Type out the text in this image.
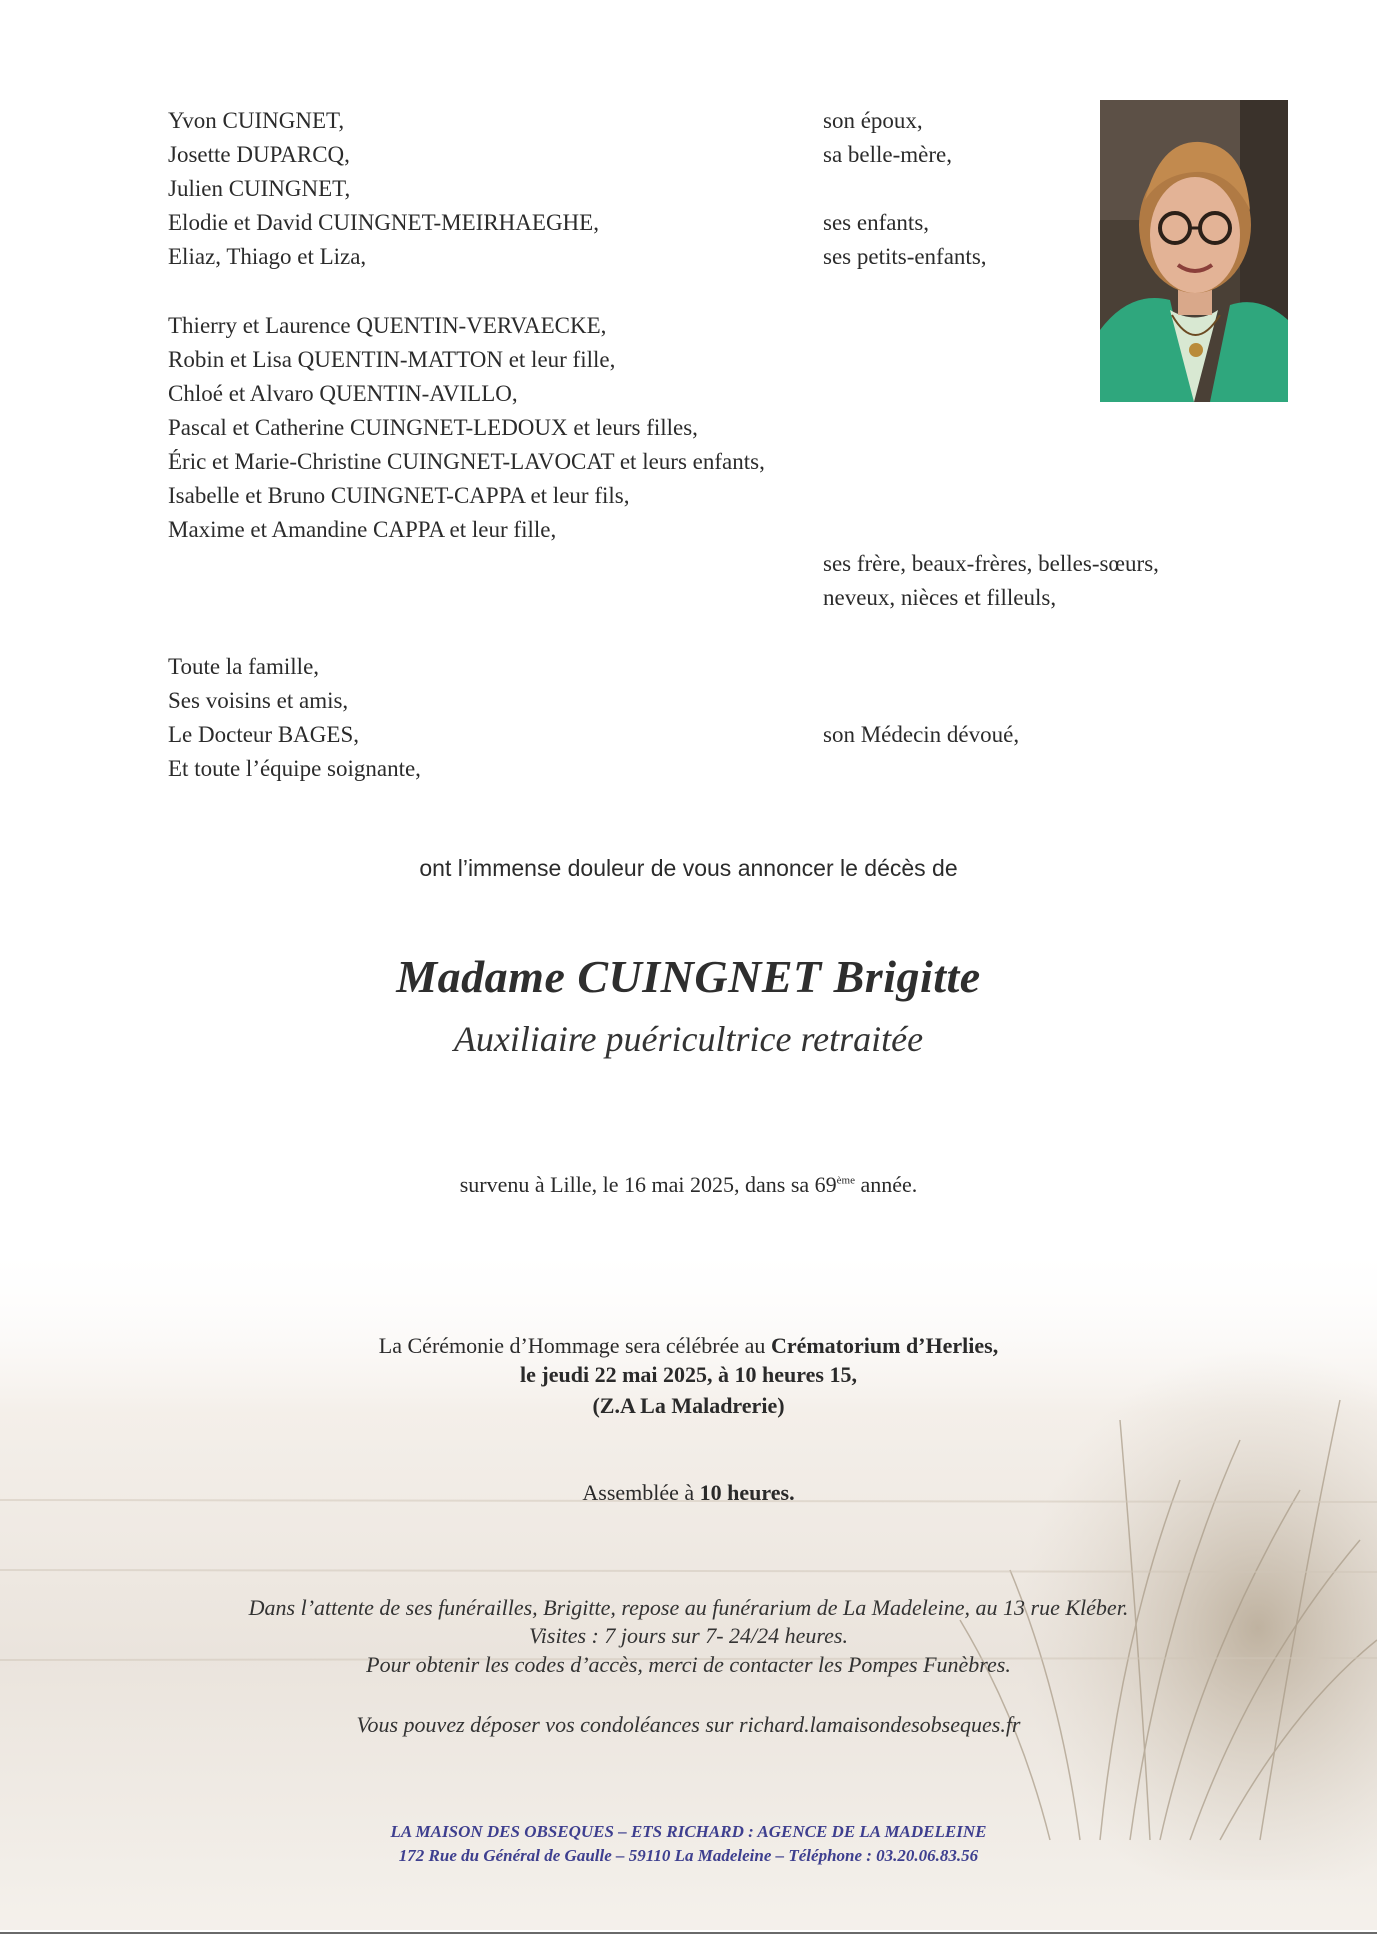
Yvon CUINGNET,
Josette DUPARCQ,
Julien CUINGNET,
Elodie et David CUINGNET-MEIRHAEGHE,
Eliaz, Thiago et Liza,
Thierry et Laurence QUENTIN-VERVAECKE,
Robin et Lisa QUENTIN-MATTON et leur fille,
Chloé et Alvaro QUENTIN-AVILLO,
Pascal et Catherine CUINGNET-LEDOUX et leurs filles,
Éric et Marie-Christine CUINGNET-LAVOCAT et leurs enfants,
Isabelle et Bruno CUINGNET-CAPPA et leur fils,
Maxime et Amandine CAPPA et leur fille,
Toute la famille,
Ses voisins et amis,
Le Docteur BAGES,
Et toute l’équipe soignante,
son époux,
sa belle-mère,
ses enfants,
ses petits-enfants,
ses frère, beaux-frères, belles-sœurs,
neveux, nièces et filleuls,
son Médecin dévoué,
ont l’immense douleur de vous annoncer le décès de
Madame CUINGNET Brigitte
Auxiliaire puéricultrice retraitée
survenu à Lille, le 16 mai 2025, dans sa 69ème année.
La Cérémonie d’Hommage sera célébrée au Crématorium d’Herlies,
le jeudi 22 mai 2025, à 10 heures 15,
(Z.A La Maladrerie)
Assemblée à 10 heures.
Dans l’attente de ses funérailles, Brigitte, repose au funérarium de La Madeleine, au 13 rue Kléber.
Visites : 7 jours sur 7- 24/24 heures.
Pour obtenir les codes d’accès, merci de contacter les Pompes Funèbres.
Vous pouvez déposer vos condoléances sur richard.lamaisondesobseques.fr
LA MAISON DES OBSEQUES – ETS RICHARD : AGENCE DE LA MADELEINE
172 Rue du Général de Gaulle – 59110 La Madeleine – Téléphone : 03.20.06.83.56
